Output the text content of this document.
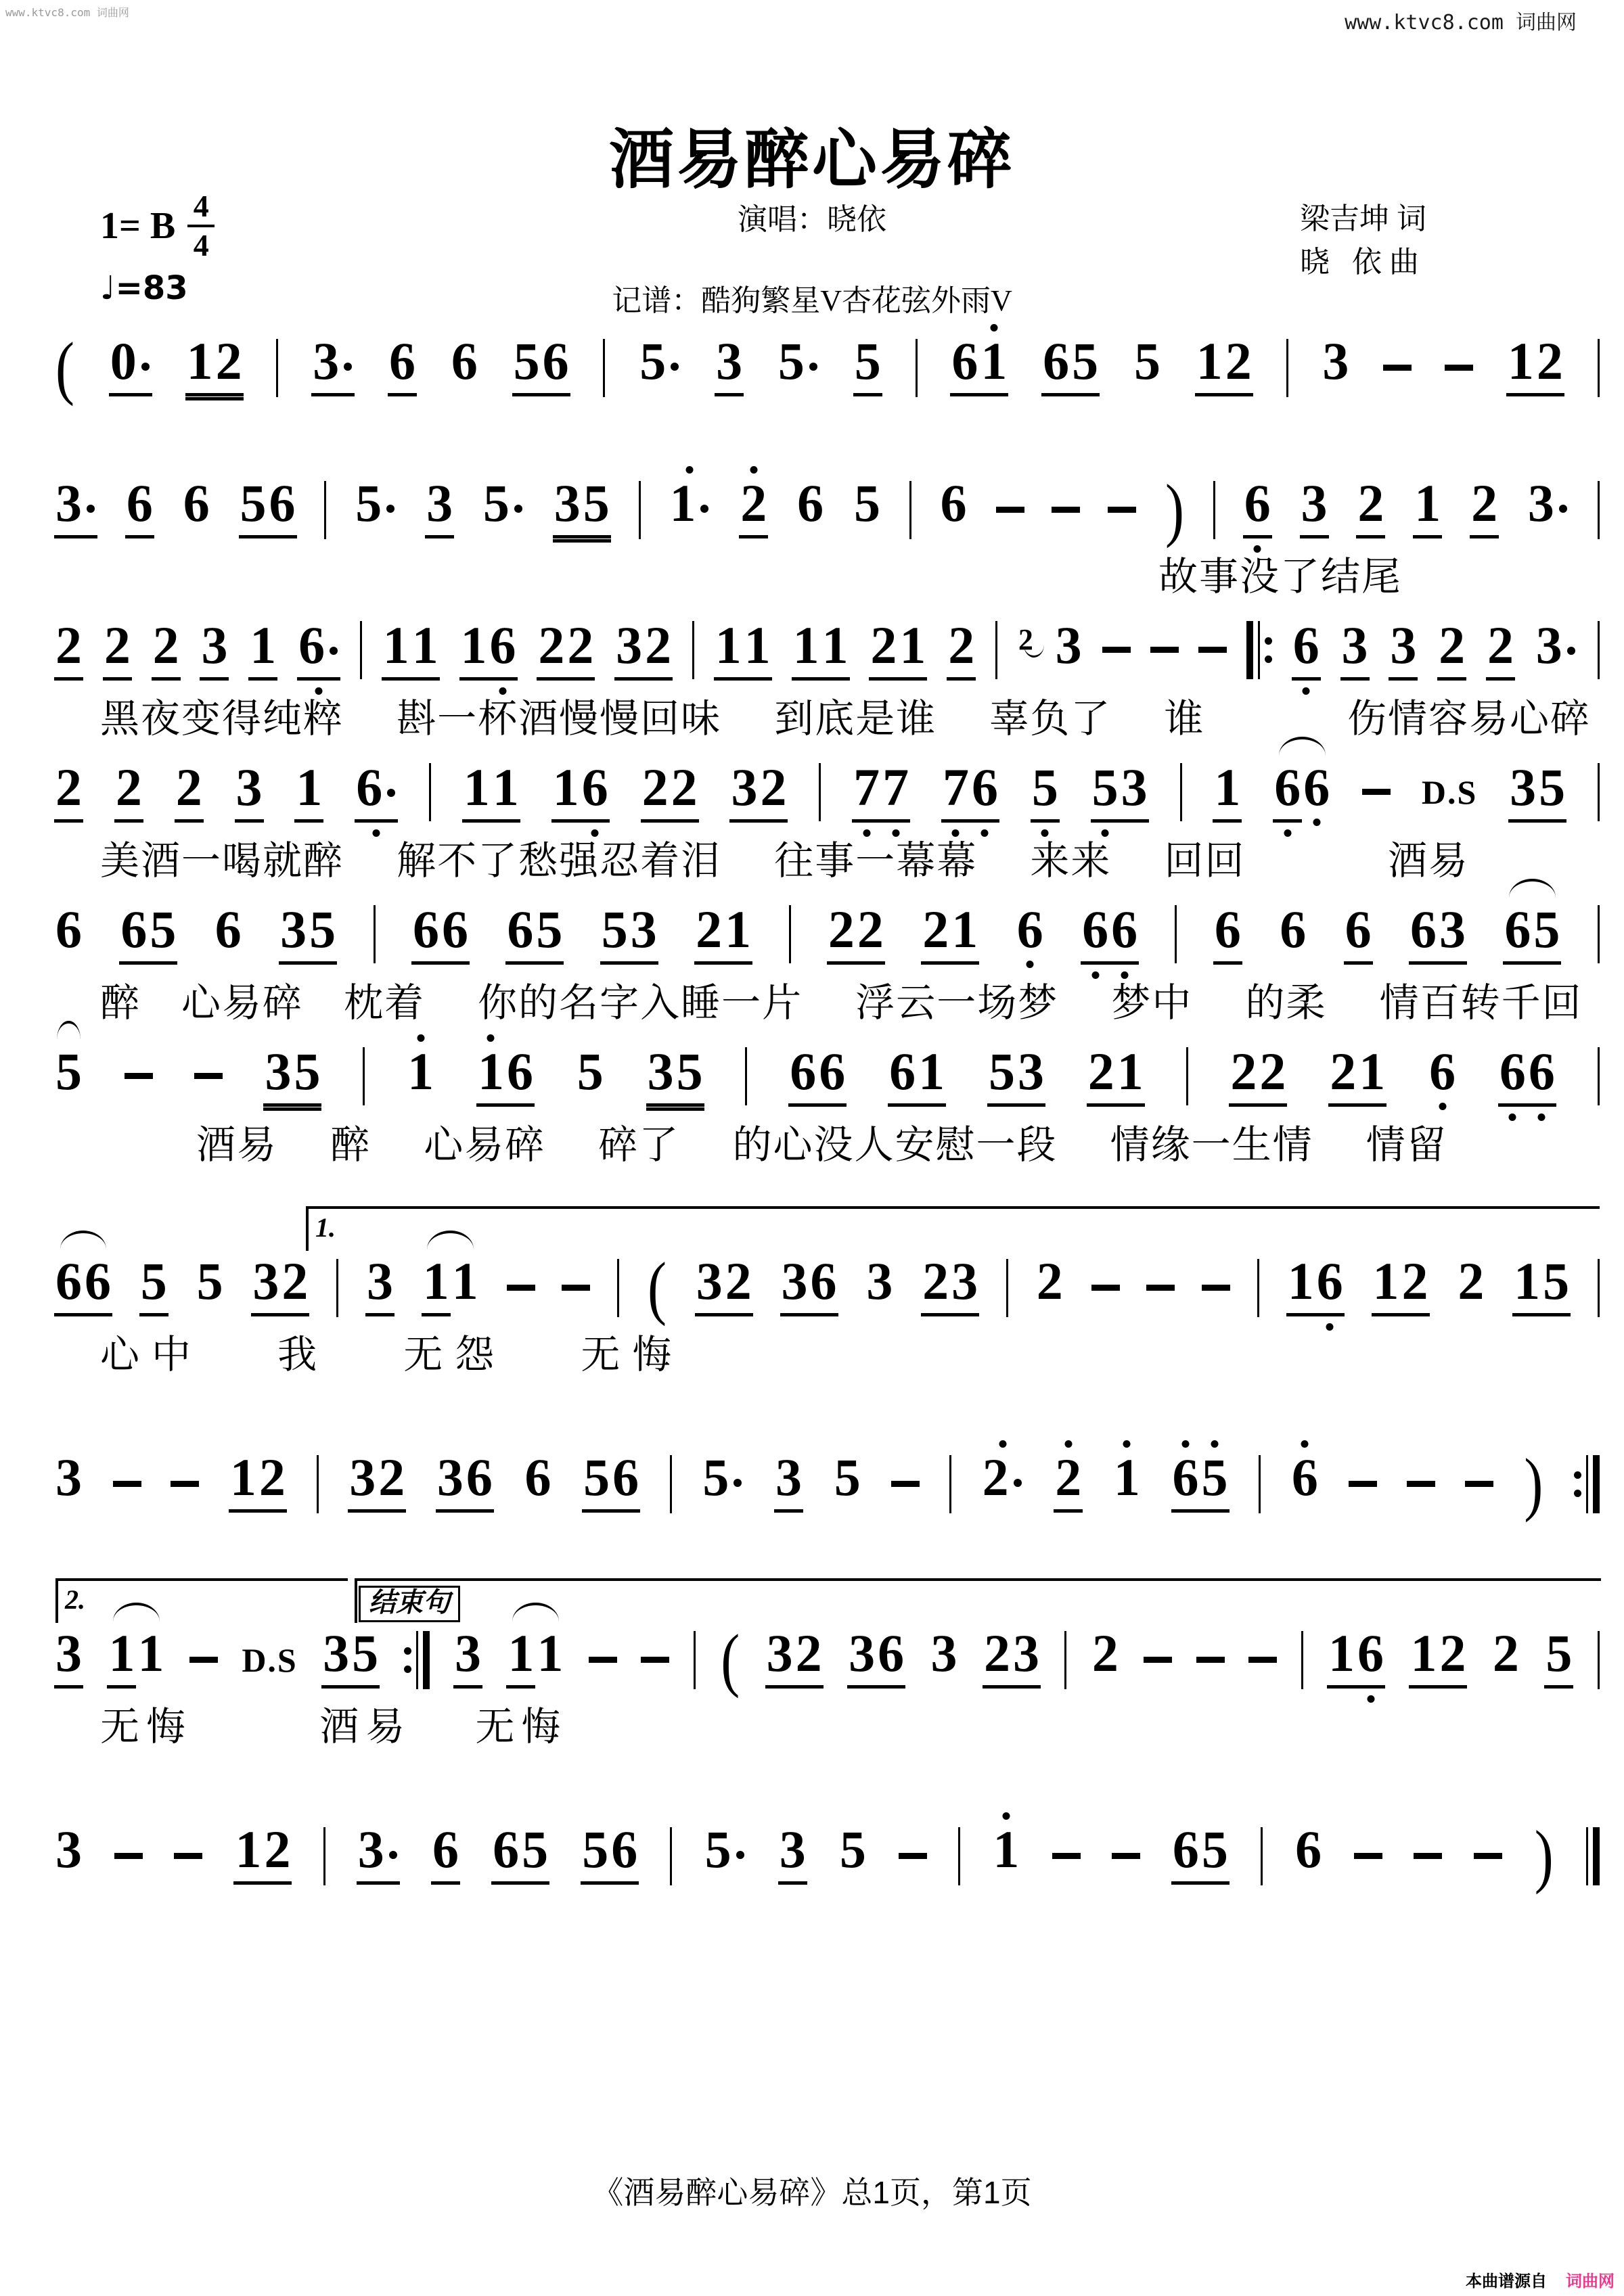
www.ktvc8.com 词曲网	www.ktvc8.com 词曲网
酒易醉心易碎
1= B 4
4
♩=83
演唱：晓依
记谱：酷狗繁星V杏花弦外雨V
梁吉坤 词
晓   依 曲
( 0 1 2 3 6 6 5 6 5 3 5 5 6 1 6 5 5 1 2 3	1 2
3 6 6 5 6 5 3 5 3 5 1 2 6 5 6	) 6 3 2 1 2 3
故事没了结尾
2 2 2 3 1 6 1 1 1 6 2 2 3 2 1 1 1 1 2 1 2 2 3	6 3 3 2 2 3
黑夜变得纯粹　 斟一杯酒慢慢回味　 到底是谁　 辜负了　 谁　　     伤情容易心碎
2 2 2 3 1 6 1 1 1 6 2 2 3 2 7 7 7 6 5 5 3 1 6 6	D.S 3 5
美酒一喝就醉　 解不了愁强忍着泪　 往事一幕幕　 来来　 回回　 　    酒易
6 6 5 6 3 5 6 6 6 5 5 3 2 1 2 2 2 1 6 6 6 6 6 6 6 3 6 5
醉　心易碎　枕着　 你的名字入睡一片　 浮云一场梦　 梦中　 的柔　 情百转千回
5	3 5 1 1 6 5 3 5 6 6 6 1 5 3 2 1 2 2 2 1 6 6 6
酒易　 醉　 心易碎　 碎了　 的心没人安慰一段　 情缘一生情　 情留
6 6 5 5 3 2 3 1 1	( 3 2 3 6 3 2 3 2	1 6 1 2 2 1 5
1.
心中　 我　 无怨　 无悔
3	1 2 3 2 3 6 6 5 6 5 3 5 2 2 1 6 5 6	)
3 1 1 D.S 3 5 3 1 1	( 3 2 3 6 3 2 3 2	1 6 1 2 2 5
2.	结束句
无悔　　  酒易　 无悔
3	1 2 3 6 6 5 5 6 5 3 5 1	6 5 6	)
《酒易醉心易碎》总1页，第1页
本曲谱源自 词曲网
